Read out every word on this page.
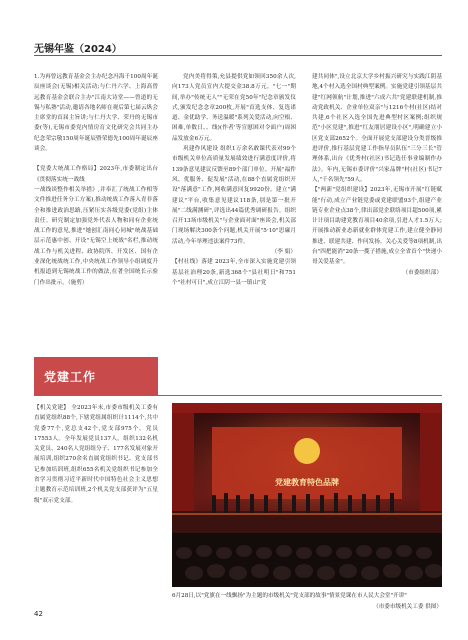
无锡年鉴（2024）

1.为再曾远教育基金会主办纪念冯海千100周年诞辰座谈会(无锡)相关活动;与仁丹六学、上海高曾远教育基金会联合主办"江南大诗堂——曾道的无锡与私塾"活动,邀请各地名师在观后第七届云纵会主席堂的首届主旨讲;与仁丹大学、荣丹的无锡市委(等),无锡市委党内情房育文化研究会共同主办纪念荣宗敬150周年诞辰暨荣德先100周年诞辰座谈会。

【党委大统战工作格局】2023年,市委制定出台《贯彻落实统一战线

一战线谈整作相关举措》,并奉汇了统战工作相等文件推进任务分工方案),推动统战工作落入青非落全和推进政治思路,压紧压实各级党委(党组)主体责任。研究制定加强党外代表人物和同有企业统战工作的意见,推进"她创汇南同心同城"统战基础层示范惠中创、开设"无锡空上统战"名栏,推动统战工作与机关进程、政协院所、开发区、国有企业深化统战统工作,中央统战工作领导小组调度升机报道到无锡统战工作的做法,在著全国统长示验门作出批示。（施剪）

党内美将得策,允县提供党如领回350余人次,向173人党员宣内大提交金38.8万元。"七一"期间,举办"传统无人""无荣在党50年"纪念章颁发仪式,颁发纪念念章200枚,开展"首选支体、复选诺道、金优助学、务送温暖"系列关爱活动,向空根、困难,单数日、、线)(作者'等宣慰困对令面户)周困品发放金6万元。

巩建作风建设 组织1万余名敢课代表对99个市级机关单位高质量发展绩效进行满意度评价,将139条意见建议反馈至89个部门单位。开展"福件风、优服务、促发展"活动,在88个直属党组织开设"落满意"工作,网收满意回复9920份。建立"满建议"平台,收集意见建议118条,别是第一批开展"二线满测研",评选出44篇优秀调研报告。组织召开13场市级机关"与企业面对面"座谈会,机关部门现场解决300条个问题,机关开展"5·10"思廉月活动,今年举理违法案件73件。

（李 娟）

【村社线》落建 2023年,全市深入实施党建引领基层社治理20条,新选368个"县社明日"和751个"社村可日",成立江阴一县一镇山"党

建共同体",设立北京大学乡村振兴研究与实践江阴基地,4个村入选全国村典型案例。实施党建引领基层共建"红网领航"计划,推进"六成六共"党建联建机制,推动党政机关、企业单位双亲"与1216个村(社区)结对共建,6个社区入选全国先进典型村区案例;组织规范"小区党建",推进"红友朋居建设小区",明确建立小区党支部2652个。全面开展党支部建设分类晋级推进评价,推行基层党建工作指导员队伍"三分三长"管理体系,出台《优秀村(社区)书记选任事业编制作办法》。年内,无锡市委评价"兴家品牌"村(社区)书记7人,"千名领先"59人。

【"两新"党组织建设】2023年,无锡市开展"红链赋能"行动,成立产业链党委或党建联盟93个,组建产业链专业企业点38个,律出部党企联络项目超500项,累计计项目助建党教育项目40余项,引进人才1.5万人;开展推动新业态新就业群体党建工作,建立健全静同推进、联建共建、作问发扬、关心关爱等8项机制,出台"四把能消"20条一揽子措施,成立全省首个"快递小哥关爱基金"。

（市委组织部）

党建工作

【机关党建】 全2023年末,市委市级机关工委有直属党组织88个,下辖党组属组织计1114个,共中党委77个,党总支42个,党支部975个。党员17553人。全年发展党员137人。组织132名机关党员、240名人党组组分子、177名发展对象开展培训,组织270余名直属党组织书记、党支部书记参加培训班,组织655名机关党组织书记参加全省学习贯彻习近平新时代中国特色社会主义思想主题教育示范培训班,2个机关党支部获评为"五星级"双示党支部。

党建教育特色品牌

6月28日,以"党旗在一线飘扬"为主题的市级机关"党支部的故事"情景党课在市人民大会堂"开讲"

（市委市级机关工委 供图）

42
